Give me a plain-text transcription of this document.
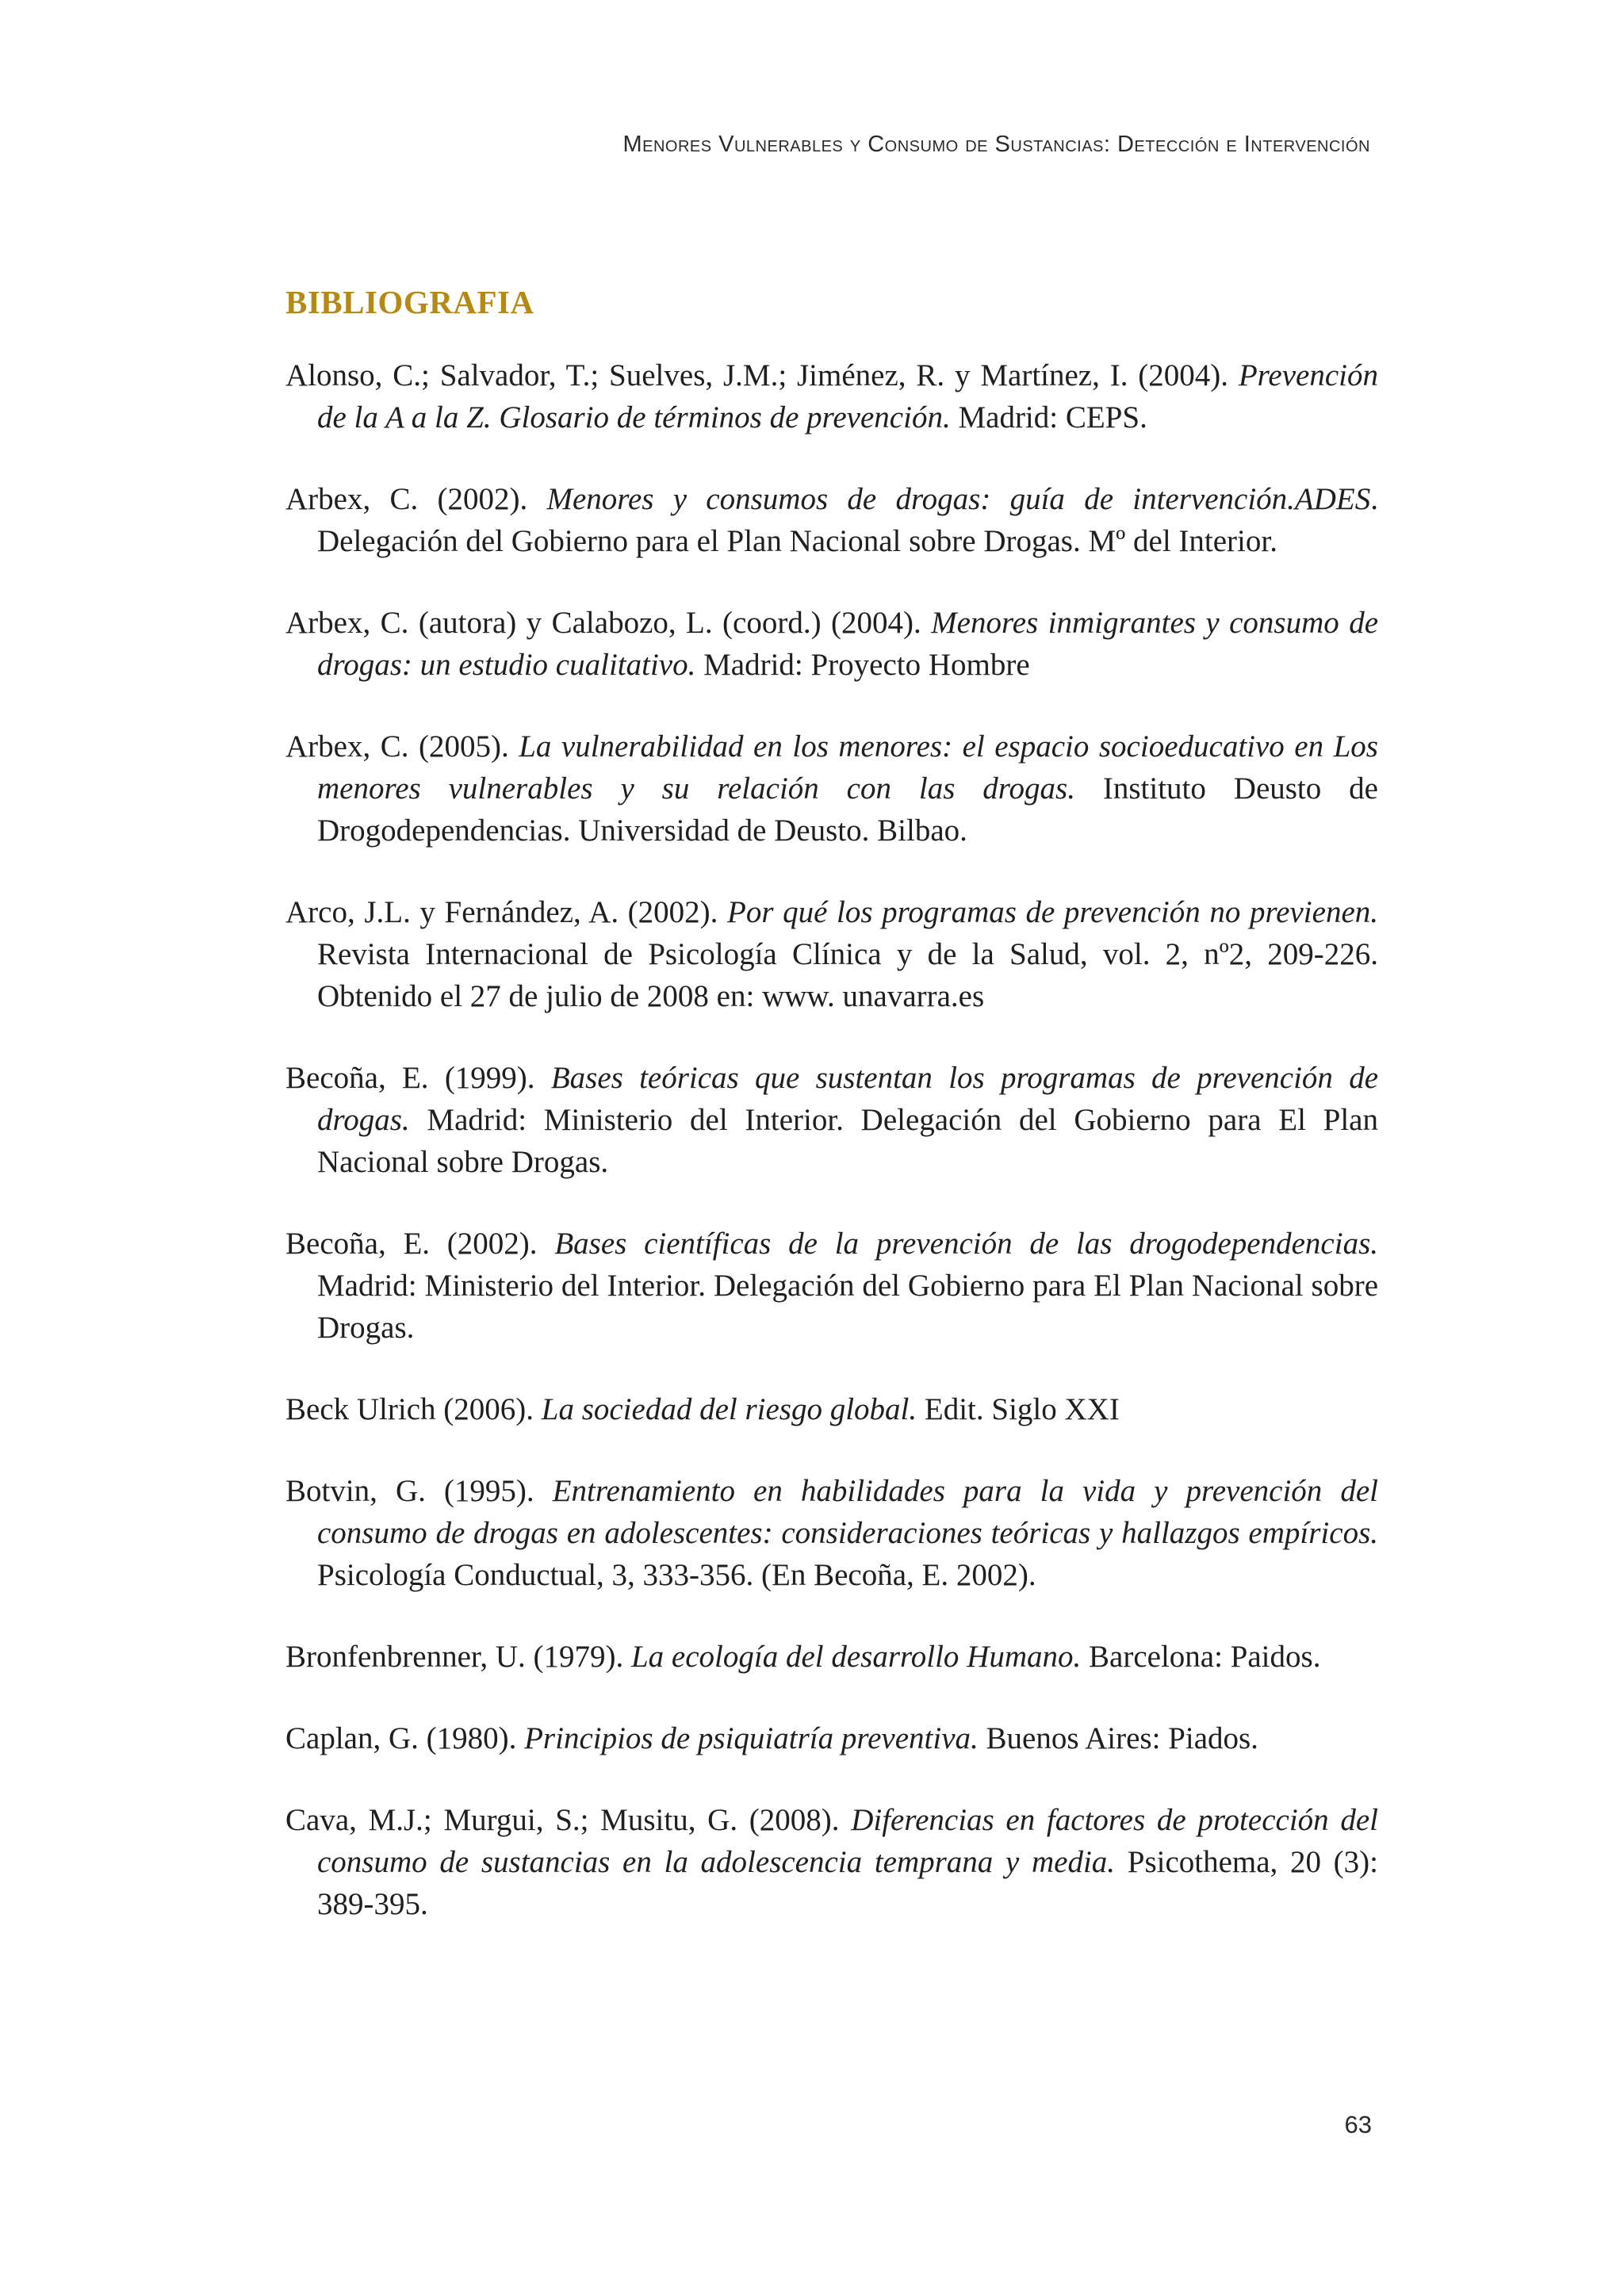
Menores Vulnerables y Consumo de Sustancias: Detección e Intervención
BIBLIOGRAFIA
Alonso, C.; Salvador, T.; Suelves, J.M.; Jiménez, R. y Martínez, I. (2004). Prevención de la A a la Z. Glosario de términos de prevención. Madrid: CEPS.
Arbex, C. (2002). Menores y consumos de drogas: guía de intervención.ADES. Delegación del Gobierno para el Plan Nacional sobre Drogas. Mº del Interior.
Arbex, C. (autora) y Calabozo, L. (coord.) (2004). Menores inmigrantes y consumo de drogas: un estudio cualitativo. Madrid: Proyecto Hombre
Arbex, C. (2005). La vulnerabilidad en los menores: el espacio socioeducativo en Los menores vulnerables y su relación con las drogas. Instituto Deusto de Drogodependencias. Universidad de Deusto. Bilbao.
Arco, J.L. y Fernández, A. (2002). Por qué los programas de prevención no previenen. Revista Internacional de Psicología Clínica y de la Salud, vol. 2, nº2, 209-226. Obtenido el 27 de julio de 2008 en: www. unavarra.es
Becoña, E. (1999). Bases teóricas que sustentan los programas de prevención de drogas. Madrid: Ministerio del Interior. Delegación del Gobierno para El Plan Nacional sobre Drogas.
Becoña, E. (2002). Bases científicas de la prevención de las drogodependencias. Madrid: Ministerio del Interior. Delegación del Gobierno para El Plan Nacional sobre Drogas.
Beck Ulrich (2006). La sociedad del riesgo global. Edit. Siglo XXI
Botvin, G. (1995). Entrenamiento en habilidades para la vida y prevención del consumo de drogas en adolescentes: consideraciones teóricas y hallazgos empíricos. Psicología Conductual, 3, 333-356. (En Becoña, E. 2002).
Bronfenbrenner, U. (1979). La ecología del desarrollo Humano. Barcelona: Paidos.
Caplan, G. (1980). Principios de psiquiatría preventiva. Buenos Aires: Piados.
Cava, M.J.; Murgui, S.; Musitu, G. (2008). Diferencias en factores de protección del consumo de sustancias en la adolescencia temprana y media. Psicothema, 20 (3): 389-395.
63
